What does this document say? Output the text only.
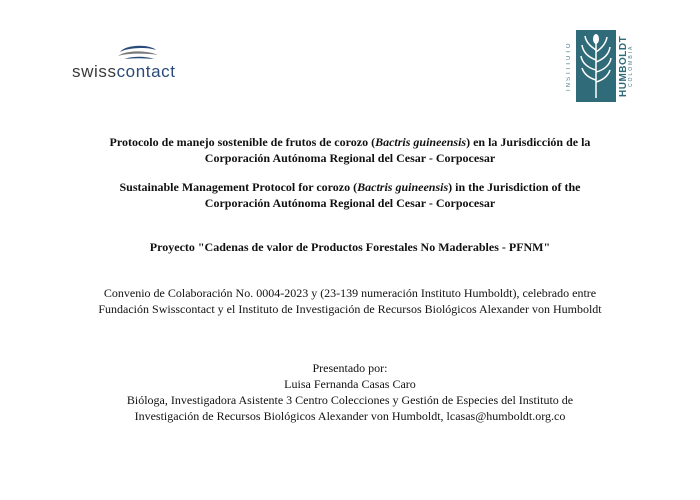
swisscontact	INSTITUTO	HUMBOLDT COLOMBIA
Protocolo de manejo sostenible de frutos de corozo (Bactris guineensis) en la Jurisdicción de la
Corporación Autónoma Regional del Cesar - Corpocesar
Sustainable Management Protocol for corozo (Bactris guineensis) in the Jurisdiction of the
Corporación Autónoma Regional del Cesar - Corpocesar
Proyecto "Cadenas de valor de Productos Forestales No Maderables - PFNM"
Convenio de Colaboración No. 0004-2023 y (23-139 numeración Instituto Humboldt), celebrado entre
Fundación Swisscontact y el Instituto de Investigación de Recursos Biológicos Alexander von Humboldt
Presentado por:
Luisa Fernanda Casas Caro
Bióloga, Investigadora Asistente 3 Centro Colecciones y Gestión de Especies del Instituto de
Investigación de Recursos Biológicos Alexander von Humboldt, lcasas@humboldt.org.co
